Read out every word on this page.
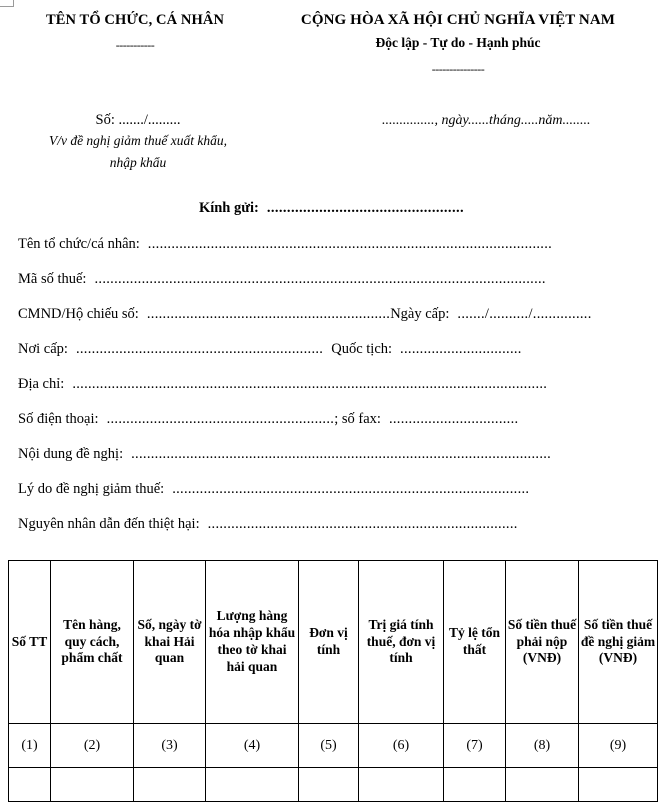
TÊN TỔ CHỨC, CÁ NHÂN
-----------
CỘNG HÒA XÃ HỘI CHỦ NGHĨA VIỆT NAM
Độc lập - Tự do - Hạnh phúc
---------------
Số: ......./.........
V/v đề nghị giảm thuế xuất khẩu,
nhập khẩu
..............., ngày......tháng.....năm........
Kính gửi: .................................................
Tên tổ chức/cá nhân: .......................................................................................................
Mã số thuế: ...................................................................................................................
CMND/Hộ chiếu số: ..............................................................Ngày cấp: ......./........../...............
Nơi cấp: ............................................................... Quốc tịch: ...............................
Địa chỉ: .........................................................................................................................
Số điện thoại: ..........................................................; số fax: .................................
Nội dung đề nghị: ...........................................................................................................
Lý do đề nghị giảm thuế: ...........................................................................................
Nguyên nhân dẫn đến thiệt hại: ...............................................................................
Số TT	Tên hàng, quy cách, phẩm chất	Số, ngày tờ khai Hải quan	Lượng hàng hóa nhập khẩu theo tờ khai hải quan	Đơn vị tính	Trị giá tính thuế, đơn vị tính	Tỷ lệ tổn thất	Số tiền thuế phải nộp (VNĐ)	Số tiền thuế đề nghị giảm (VNĐ)
(1)	(2)	(3)	(4)	(5)	(6)	(7)	(8)	(9)
